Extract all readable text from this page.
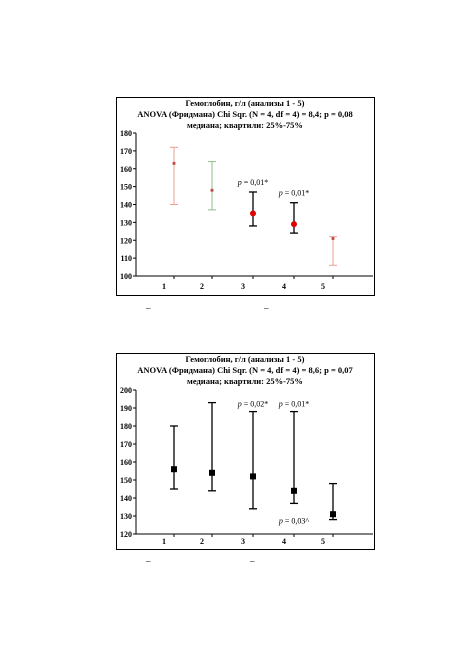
Гемоглобин, г/л (анализы 1 - 5)
ANOVA (Фридмана) Chi Sqr. (N = 4, df = 4) = 8,4; p = 0,08
медиана; квартили: 25%-75%
100
110
120
130
140
150
160
170
180
1	2	3	4	5
p = 0,01*
p = 0,01*
Гемоглобин, г/л (анализы 1 - 5)
ANOVA (Фридмана) Chi Sqr. (N = 4, df = 4) = 8,6; p = 0,07
медиана; квартили: 25%-75%
120
130
140
150
160
170
180
190
200
1	2	3	4	5
p = 0,02* p = 0,01*
p = 0,03^
–	–
–	–
